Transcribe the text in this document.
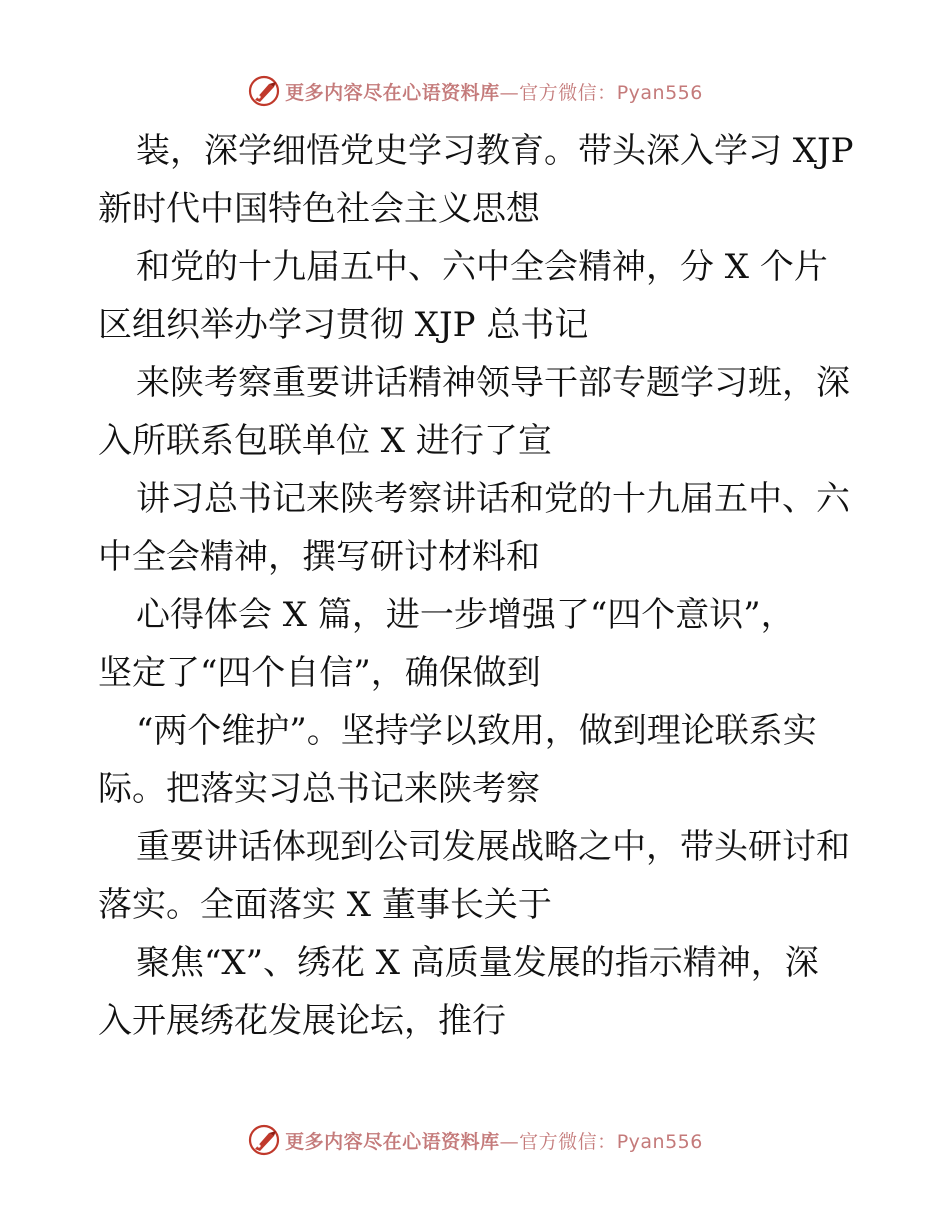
更多内容尽在心语资料库—官方微信：Pyan556
装，深学细悟党史学习教育。带头深入学习 XJP
新时代中国特色社会主义思想
和党的十九届五中、六中全会精神，分 X 个片
区组织举办学习贯彻 XJP 总书记
来陕考察重要讲话精神领导干部专题学习班，深
入所联系包联单位 X 进行了宣
讲习总书记来陕考察讲话和党的十九届五中、六
中全会精神，撰写研讨材料和
心得体会 X 篇，进一步增强了“四个意识”，
坚定了“四个自信”，确保做到
“两个维护”。坚持学以致用，做到理论联系实
际。把落实习总书记来陕考察
重要讲话体现到公司发展战略之中，带头研讨和
落实。全面落实 X 董事长关于
聚焦“X”、绣花 X 高质量发展的指示精神，深
入开展绣花发展论坛，推行
更多内容尽在心语资料库—官方微信：Pyan556
